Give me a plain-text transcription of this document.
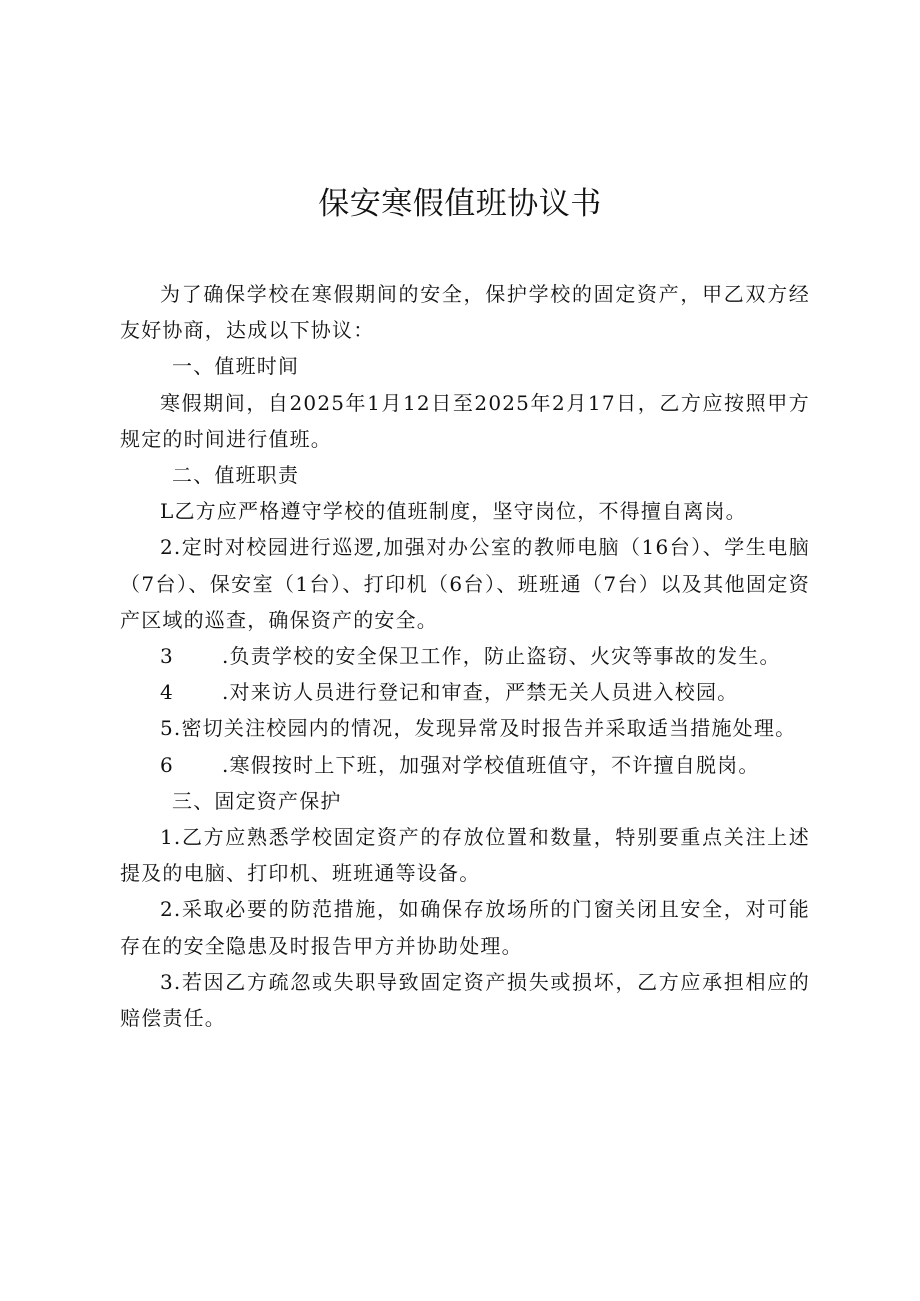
保安寒假值班协议书

为了确保学校在寒假期间的安全，保护学校的固定资产，甲乙双方经友好协商，达成以下协议：

一、值班时间

寒假期间，自2025年1月12日至2025年2月17日，乙方应按照甲方规定的时间进行值班。

二、值班职责

L乙方应严格遵守学校的值班制度，坚守岗位，不得擅自离岗。

2.定时对校园进行巡逻,加强对办公室的教师电脑（16台）、学生电脑（7台）、保安室（1台）、打印机（6台）、班班通（7台）以及其他固定资产区域的巡查，确保资产的安全。

3 .负责学校的安全保卫工作，防止盗窃、火灾等事故的发生。

4 .对来访人员进行登记和审查，严禁无关人员进入校园。

5.密切关注校园内的情况，发现异常及时报告并采取适当措施处理。

6 .寒假按时上下班，加强对学校值班值守，不许擅自脱岗。

三、固定资产保护

1.乙方应熟悉学校固定资产的存放位置和数量，特别要重点关注上述提及的电脑、打印机、班班通等设备。

2.采取必要的防范措施，如确保存放场所的门窗关闭且安全，对可能存在的安全隐患及时报告甲方并协助处理。

3.若因乙方疏忽或失职导致固定资产损失或损坏，乙方应承担相应的赔偿责任。
